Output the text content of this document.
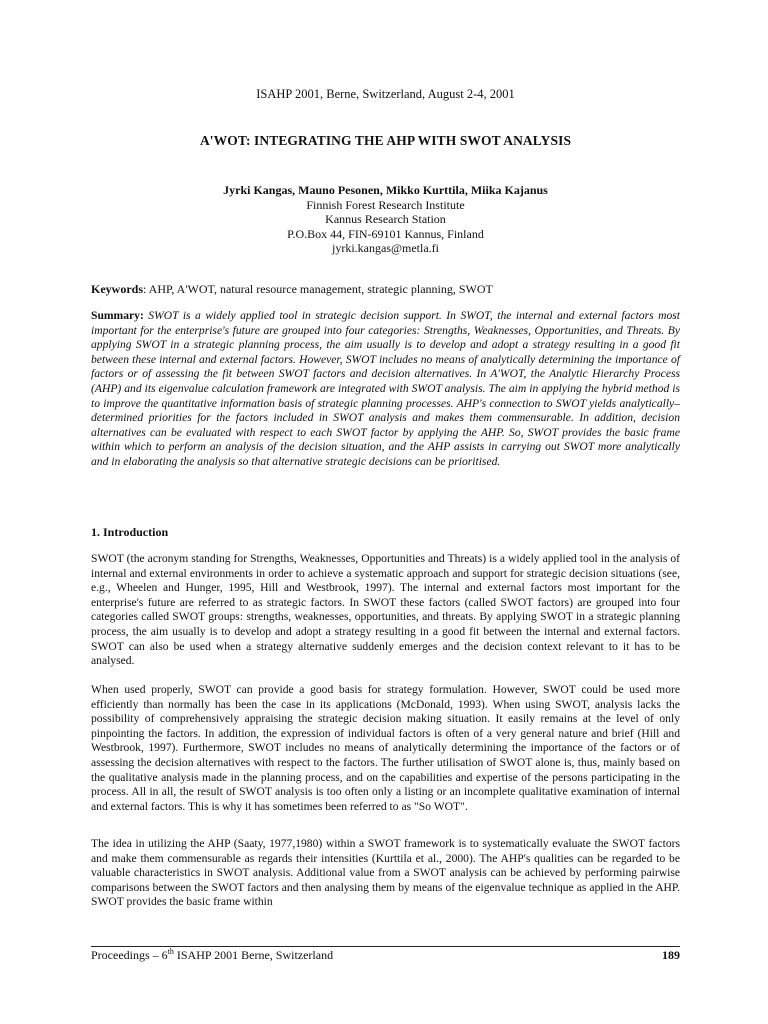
ISAHP 2001, Berne, Switzerland, August 2-4, 2001

A'WOT: INTEGRATING THE AHP WITH SWOT ANALYSIS

Jyrki Kangas, Mauno Pesonen, Mikko Kurttila, Miika Kajanus

Finnish Forest Research Institute

Kannus Research Station

P.O.Box 44, FIN-69101 Kannus, Finland

jyrki.kangas@metla.fi

Keywords: AHP, A'WOT, natural resource management, strategic planning, SWOT

Summary: SWOT is a widely applied tool in strategic decision support. In SWOT, the internal and external factors most important for the enterprise's future are grouped into four categories: Strengths, Weaknesses, Opportunities, and Threats. By applying SWOT in a strategic planning process, the aim usually is to develop and adopt a strategy resulting in a good fit between these internal and external factors. However, SWOT includes no means of analytically determining the importance of factors or of assessing the fit between SWOT factors and decision alternatives. In A'WOT, the Analytic Hierarchy Process (AHP) and its eigenvalue calculation framework are integrated with SWOT analysis. The aim in applying the hybrid method is to improve the quantitative information basis of strategic planning processes. AHP's connection to SWOT yields analytically–determined priorities for the factors included in SWOT analysis and makes them commensurable. In addition, decision alternatives can be evaluated with respect to each SWOT factor by applying the AHP. So, SWOT provides the basic frame within which to perform an analysis of the decision situation, and the AHP assists in carrying out SWOT more analytically and in elaborating the analysis so that alternative strategic decisions can be prioritised.

1. Introduction

SWOT (the acronym standing for Strengths, Weaknesses, Opportunities and Threats) is a widely applied tool in the analysis of internal and external environments in order to achieve a systematic approach and support for strategic decision situations (see, e.g., Wheelen and Hunger, 1995, Hill and Westbrook, 1997). The internal and external factors most important for the enterprise's future are referred to as strategic factors. In SWOT these factors (called SWOT factors) are grouped into four categories called SWOT groups: strengths, weaknesses, opportunities, and threats. By applying SWOT in a strategic planning process, the aim usually is to develop and adopt a strategy resulting in a good fit between the internal and external factors. SWOT can also be used when a strategy alternative suddenly emerges and the decision context relevant to it has to be analysed.

When used properly, SWOT can provide a good basis for strategy formulation. However, SWOT could be used more efficiently than normally has been the case in its applications (McDonald, 1993). When using SWOT, analysis lacks the possibility of comprehensively appraising the strategic decision making situation. It easily remains at the level of only pinpointing the factors. In addition, the expression of individual factors is often of a very general nature and brief (Hill and Westbrook, 1997). Furthermore, SWOT includes no means of analytically determining the importance of the factors or of assessing the decision alternatives with respect to the factors. The further utilisation of SWOT alone is, thus, mainly based on the qualitative analysis made in the planning process, and on the capabilities and expertise of the persons participating in the process. All in all, the result of SWOT analysis is too often only a listing or an incomplete qualitative examination of internal and external factors. This is why it has sometimes been referred to as "So WOT".

The idea in utilizing the AHP (Saaty, 1977,1980) within a SWOT framework is to systematically evaluate the SWOT factors and make them commensurable as regards their intensities (Kurttila et al., 2000). The AHP's qualities can be regarded to be valuable characteristics in SWOT analysis. Additional value from a SWOT analysis can be achieved by performing pairwise comparisons between the SWOT factors and then analysing them by means of the eigenvalue technique as applied in the AHP. SWOT provides the basic frame within

Proceedings – 6th ISAHP 2001 Berne, Switzerland	189
